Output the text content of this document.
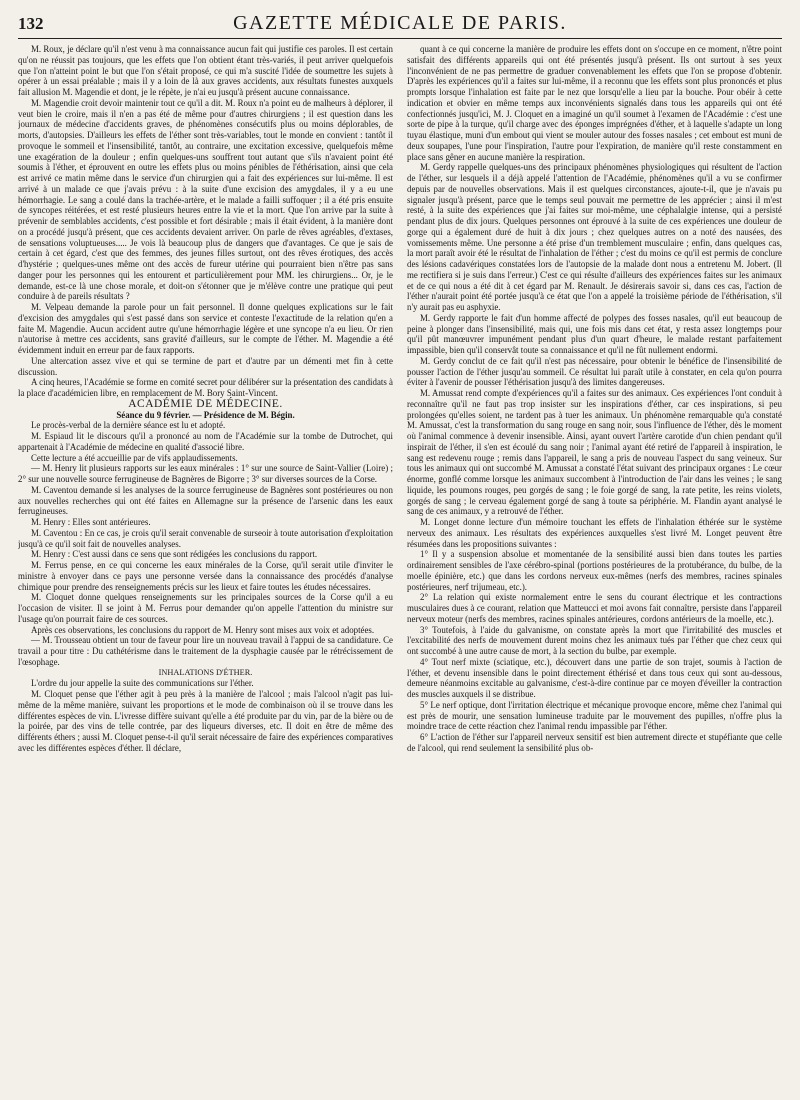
132	GAZETTE MÉDICALE DE PARIS.

M. Roux, je déclare qu'il n'est venu à ma connaissance aucun fait qui justifie ces paroles. Il est certain qu'on ne réussit pas toujours, que les effets que l'on obtient étant très-variés, il peut arriver quelquefois que l'on n'atteint point le but que l'on s'était proposé, ce qui m'a suscité l'idée de soumettre les sujets à opérer à un essai préalable ; mais il y a loin de là aux graves accidents, aux résultats funestes auxquels fait allusion M. Magendie et dont, je le répète, je n'ai eu jusqu'à présent aucune connaissance.

M. Magendie croit devoir maintenir tout ce qu'il a dit. M. Roux n'a point eu de malheurs à déplorer, il veut bien le croire, mais il n'en a pas été de même pour d'autres chirurgiens ; il est question dans les journaux de médecine d'accidents graves, de phénomènes consécutifs plus ou moins déplorables, de morts, d'autopsies. D'ailleurs les effets de l'éther sont très-variables, tout le monde en convient : tantôt il provoque le sommeil et l'insensibilité, tantôt, au contraire, une excitation excessive, quelquefois même une exagération de la douleur ; enfin quelques-uns souffrent tout autant que s'ils n'avaient point été soumis à l'éther, et éprouvent en outre les effets plus ou moins pénibles de l'éthérisation, ainsi que cela est arrivé ce matin même dans le service d'un chirurgien qui a fait des expériences sur lui-même. Il est arrivé à un malade ce que j'avais prévu : à la suite d'une excision des amygdales, il y a eu une hémorrhagie. Le sang a coulé dans la trachée-artère, et le malade a failli suffoquer ; il a été pris ensuite de syncopes réitérées, et est resté plusieurs heures entre la vie et la mort. Que l'on arrive par la suite à prévenir de semblables accidents, c'est possible et fort désirable ; mais il était évident, à la manière dont on a procédé jusqu'à présent, que ces accidents devaient arriver. On parle de rêves agréables, d'extases, de sensations voluptueuses..... Je vois là beaucoup plus de dangers que d'avantages. Ce que je sais de certain à cet égard, c'est que des femmes, des jeunes filles surtout, ont des rêves érotiques, des accès d'hystérie ; quelques-unes même ont des accès de fureur utérine qui pourraient bien n'être pas sans danger pour les personnes qui les entourent et particulièrement pour MM. les chirurgiens... Or, je le demande, est-ce là une chose morale, et doit-on s'étonner que je m'élève contre une pratique qui peut conduire à de pareils résultats ?

M. Velpeau demande la parole pour un fait personnel. Il donne quelques explications sur le fait d'excision des amygdales qui s'est passé dans son service et conteste l'exactitude de la relation qu'en a faite M. Magendie. Aucun accident autre qu'une hémorrhagie légère et une syncope n'a eu lieu. Or rien n'autorise à mettre ces accidents, sans gravité d'ailleurs, sur le compte de l'éther. M. Magendie a été évidemment induit en erreur par de faux rapports.

Une altercation assez vive et qui se termine de part et d'autre par un démenti met fin à cette discussion.

A cinq heures, l'Académie se forme en comité secret pour délibérer sur la présentation des candidats à la place d'académicien libre, en remplacement de M. Bory Saint-Vincent.

ACADÉMIE DE MÉDECINE.

Séance du 9 février. — Présidence de M. Bégin.

Le procès-verbal de la dernière séance est lu et adopté.

M. Espiaud lit le discours qu'il a prononcé au nom de l'Académie sur la tombe de Dutrochet, qui appartenait à l'Académie de médecine en qualité d'associé libre.

Cette lecture a été accueillie par de vifs applaudissements.

— M. Henry lit plusieurs rapports sur les eaux minérales : 1° sur une source de Saint-Vallier (Loire) ; 2° sur une nouvelle source ferrugineuse de Bagnères de Bigorre ; 3° sur diverses sources de la Corse.

M. Caventou demande si les analyses de la source ferrugineuse de Bagnères sont postérieures ou non aux nouvelles recherches qui ont été faites en Allemagne sur la présence de l'arsenic dans les eaux ferrugineuses.

M. Henry : Elles sont antérieures.

M. Caventou : En ce cas, je crois qu'il serait convenable de surseoir à toute autorisation d'exploitation jusqu'à ce qu'il soit fait de nouvelles analyses.

M. Henry : C'est aussi dans ce sens que sont rédigées les conclusions du rapport.

M. Ferrus pense, en ce qui concerne les eaux minérales de la Corse, qu'il serait utile d'inviter le ministre à envoyer dans ce pays une personne versée dans la connaissance des procédés d'analyse chimique pour prendre des renseignements précis sur les lieux et faire toutes les études nécessaires.

M. Cloquet donne quelques renseignements sur les principales sources de la Corse qu'il a eu l'occasion de visiter. Il se joint à M. Ferrus pour demander qu'on appelle l'attention du ministre sur l'usage qu'on pourrait faire de ces sources.

Après ces observations, les conclusions du rapport de M. Henry sont mises aux voix et adoptées.

— M. Trousseau obtient un tour de faveur pour lire un nouveau travail à l'appui de sa candidature. Ce travail a pour titre : Du cathétérisme dans le traitement de la dysphagie causée par le rétrécissement de l'œsophage.

INHALATIONS D'ÉTHER.

L'ordre du jour appelle la suite des communications sur l'éther.

M. Cloquet pense que l'éther agit à peu près à la manière de l'alcool ; mais l'alcool n'agit pas lui-même de la même manière, suivant les proportions et le mode de combinaison où il se trouve dans les différentes espèces de vin. L'ivresse diffère suivant qu'elle a été produite par du vin, par de la bière ou de la poirée, par des vins de telle contrée, par des liqueurs diverses, etc. Il doit en être de même des différents éthers ; aussi M. Cloquet pense-t-il qu'il serait nécessaire de faire des expériences comparatives avec les différentes espèces d'éther. Il déclare,

quant à ce qui concerne la manière de produire les effets dont on s'occupe en ce moment, n'être point satisfait des différents appareils qui ont été présentés jusqu'à présent. Ils ont surtout à ses yeux l'inconvénient de ne pas permettre de graduer convenablement les effets que l'on se propose d'obtenir. D'après les expériences qu'il a faites sur lui-même, il a reconnu que les effets sont plus prononcés et plus prompts lorsque l'inhalation est faite par le nez que lorsqu'elle a lieu par la bouche. Pour obéir à cette indication et obvier en même temps aux inconvénients signalés dans tous les appareils qui ont été confectionnés jusqu'ici, M. J. Cloquet en a imaginé un qu'il soumet à l'examen de l'Académie : c'est une sorte de pipe à la turque, qu'il charge avec des éponges imprégnées d'éther, et à laquelle s'adapte un long tuyau élastique, muni d'un embout qui vient se mouler autour des fosses nasales ; cet embout est muni de deux soupapes, l'une pour l'inspiration, l'autre pour l'expiration, de manière qu'il reste constamment en place sans gêner en aucune manière la respiration.

M. Gerdy rappelle quelques-uns des principaux phénomènes physiologiques qui résultent de l'action de l'éther, sur lesquels il a déjà appelé l'attention de l'Académie, phénomènes qu'il a vu se confirmer depuis par de nouvelles observations. Mais il est quelques circonstances, ajoute-t-il, que je n'avais pu signaler jusqu'à présent, parce que le temps seul pouvait me permettre de les apprécier ; ainsi il m'est resté, à la suite des expériences que j'ai faites sur moi-même, une céphalalgie intense, qui a persisté pendant plus de dix jours. Quelques personnes ont éprouvé à la suite de ces expériences une douleur de gorge qui a également duré de huit à dix jours ; chez quelques autres on a noté des nausées, des vomissements même. Une personne a été prise d'un tremblement musculaire ; enfin, dans quelques cas, la mort paraît avoir été le résultat de l'inhalation de l'éther ; c'est du moins ce qu'il est permis de conclure des lésions cadavériques constatées lors de l'autopsie de la malade dont nous a entretenu M. Jobert. (Il me rectifiera si je suis dans l'erreur.) C'est ce qui résulte d'ailleurs des expériences faites sur les animaux et de ce qui nous a été dit à cet égard par M. Renault. Je désirerais savoir si, dans ces cas, l'action de l'éther n'aurait point été portée jusqu'à ce état que l'on a appelé la troisième période de l'éthérisation, s'il n'y aurait pas eu asphyxie.

M. Gerdy rapporte le fait d'un homme affecté de polypes des fosses nasales, qu'il eut beaucoup de peine à plonger dans l'insensibilité, mais qui, une fois mis dans cet état, y resta assez longtemps pour qu'il pût manœuvrer impunément pendant plus d'un quart d'heure, le malade restant parfaitement impassible, bien qu'il conservât toute sa connaissance et qu'il ne fût nullement endormi.

M. Gerdy conclut de ce fait qu'il n'est pas nécessaire, pour obtenir le bénéfice de l'insensibilité de pousser l'action de l'éther jusqu'au sommeil. Ce résultat lui paraît utile à constater, en cela qu'on pourra éviter à l'avenir de pousser l'éthérisation jusqu'à des limites dangereuses.

M. Amussat rend compte d'expériences qu'il a faites sur des animaux. Ces expériences l'ont conduit à reconnaître qu'il ne faut pas trop insister sur les inspirations d'éther, car ces inspirations, si peu prolongées qu'elles soient, ne tardent pas à tuer les animaux. Un phénomène remarquable qu'a constaté M. Amussat, c'est la transformation du sang rouge en sang noir, sous l'influence de l'éther, dès le moment où l'animal commence à devenir insensible. Ainsi, ayant ouvert l'artère carotide d'un chien pendant qu'il inspirait de l'éther, il s'en est écoulé du sang noir ; l'animal ayant été retiré de l'appareil à inspiration, le sang est redevenu rouge ; remis dans l'appareil, le sang a pris de nouveau l'aspect du sang veineux. Sur tous les animaux qui ont succombé M. Amussat a constaté l'état suivant des principaux organes : Le cœur énorme, gonflé comme lorsque les animaux succombent à l'introduction de l'air dans les veines ; le sang liquide, les poumons rouges, peu gorgés de sang ; le foie gorgé de sang, la rate petite, les reins violets, gorgés de sang ; le cerveau également gorgé de sang à toute sa périphérie. M. Flandin ayant analysé le sang de ces animaux, y a retrouvé de l'éther.

M. Longet donne lecture d'un mémoire touchant les effets de l'inhalation éthérée sur le système nerveux des animaux. Les résultats des expériences auxquelles s'est livré M. Longet peuvent être résumées dans les propositions suivantes :

1° Il y a suspension absolue et momentanée de la sensibilité aussi bien dans toutes les parties ordinairement sensibles de l'axe cérébro-spinal (portions postérieures de la protubérance, du bulbe, de la moelle épinière, etc.) que dans les cordons nerveux eux-mêmes (nerfs des membres, racines spinales postérieures, nerf trijumeau, etc.).

2° La relation qui existe normalement entre le sens du courant électrique et les contractions musculaires dues à ce courant, relation que Matteucci et moi avons fait connaître, persiste dans l'appareil nerveux moteur (nerfs des membres, racines spinales antérieures, cordons antérieurs de la moelle, etc.).

3° Toutefois, à l'aide du galvanisme, on constate après la mort que l'irritabilité des muscles et l'excitabilité des nerfs de mouvement durent moins chez les animaux tués par l'éther que chez ceux qui ont succombé à une autre cause de mort, à la section du bulbe, par exemple.

4° Tout nerf mixte (sciatique, etc.), découvert dans une partie de son trajet, soumis à l'action de l'éther, et devenu insensible dans le point directement éthérisé et dans tous ceux qui sont au-dessous, demeure néanmoins excitable au galvanisme, c'est-à-dire continue par ce moyen d'éveiller la contraction des muscles auxquels il se distribue.

5° Le nerf optique, dont l'irritation électrique et mécanique provoque encore, même chez l'animal qui est près de mourir, une sensation lumineuse traduite par le mouvement des pupilles, n'offre plus la moindre trace de cette réaction chez l'animal rendu impassible par l'éther.

6° L'action de l'éther sur l'appareil nerveux sensitif est bien autrement directe et stupéfiante que celle de l'alcool, qui rend seulement la sensibilité plus ob-
